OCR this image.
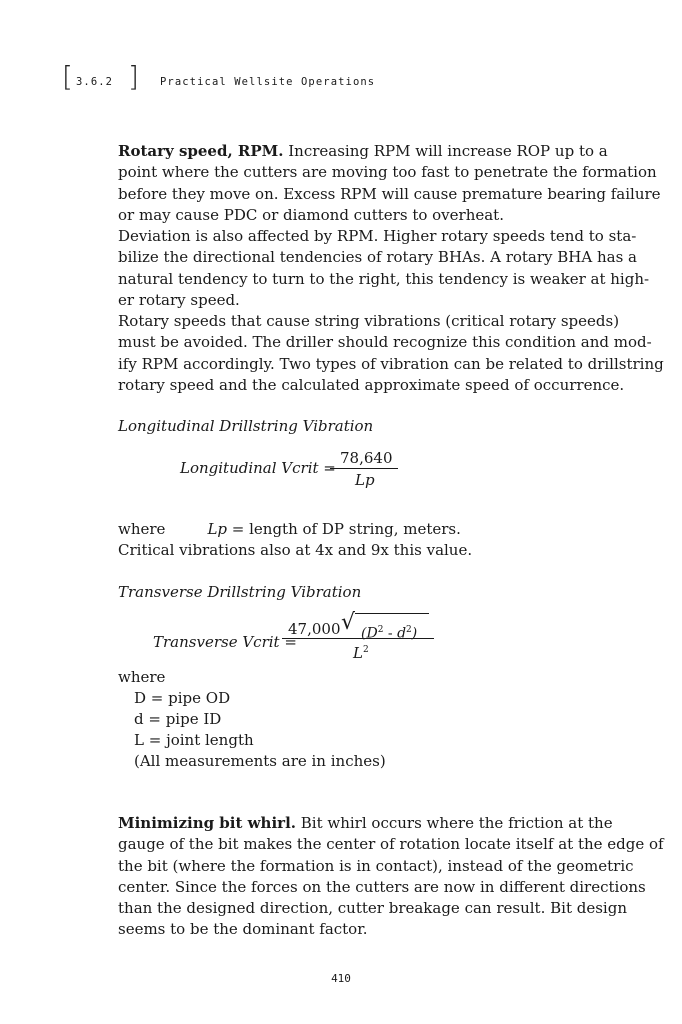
[ 3.6.2 ] Practical Wellsite Operations
Rotary speed, RPM. Increasing RPM will increase ROP up to a
point where the cutters are moving too fast to penetrate the formation
before they move on. Excess RPM will cause premature bearing failure
or may cause PDC or diamond cutters to overheat.
Deviation is also affected by RPM. Higher rotary speeds tend to sta-
bilize the directional tendencies of rotary BHAs. A rotary BHA has a
natural tendency to turn to the right, this tendency is weaker at high-
er rotary speed.
Rotary speeds that cause string vibrations (critical rotary speeds)
must be avoided. The driller should recognize this condition and mod-
ify RPM accordingly. Two types of vibration can be related to drillstring
rotary speed and the calculated approximate speed of occurrence.
Longitudinal Drillstring Vibration
Longitudinal Vcrit =
78,640
Lp
where	Lp = length of DP string, meters.
Critical vibrations also at 4x and 9x this value.
Transverse Drillstring Vibration
Transverse Vcrit =
47,000 √ $(D^2 - d^2)$
$L^2$
where
D = pipe OD
d = pipe ID
L = joint length
(All measurements are in inches)
Minimizing bit whirl. Bit whirl occurs where the friction at the
gauge of the bit makes the center of rotation locate itself at the edge of
the bit (where the formation is in contact), instead of the geometric
center. Since the forces on the cutters are now in different directions
than the designed direction, cutter breakage can result. Bit design
seems to be the dominant factor.
410
